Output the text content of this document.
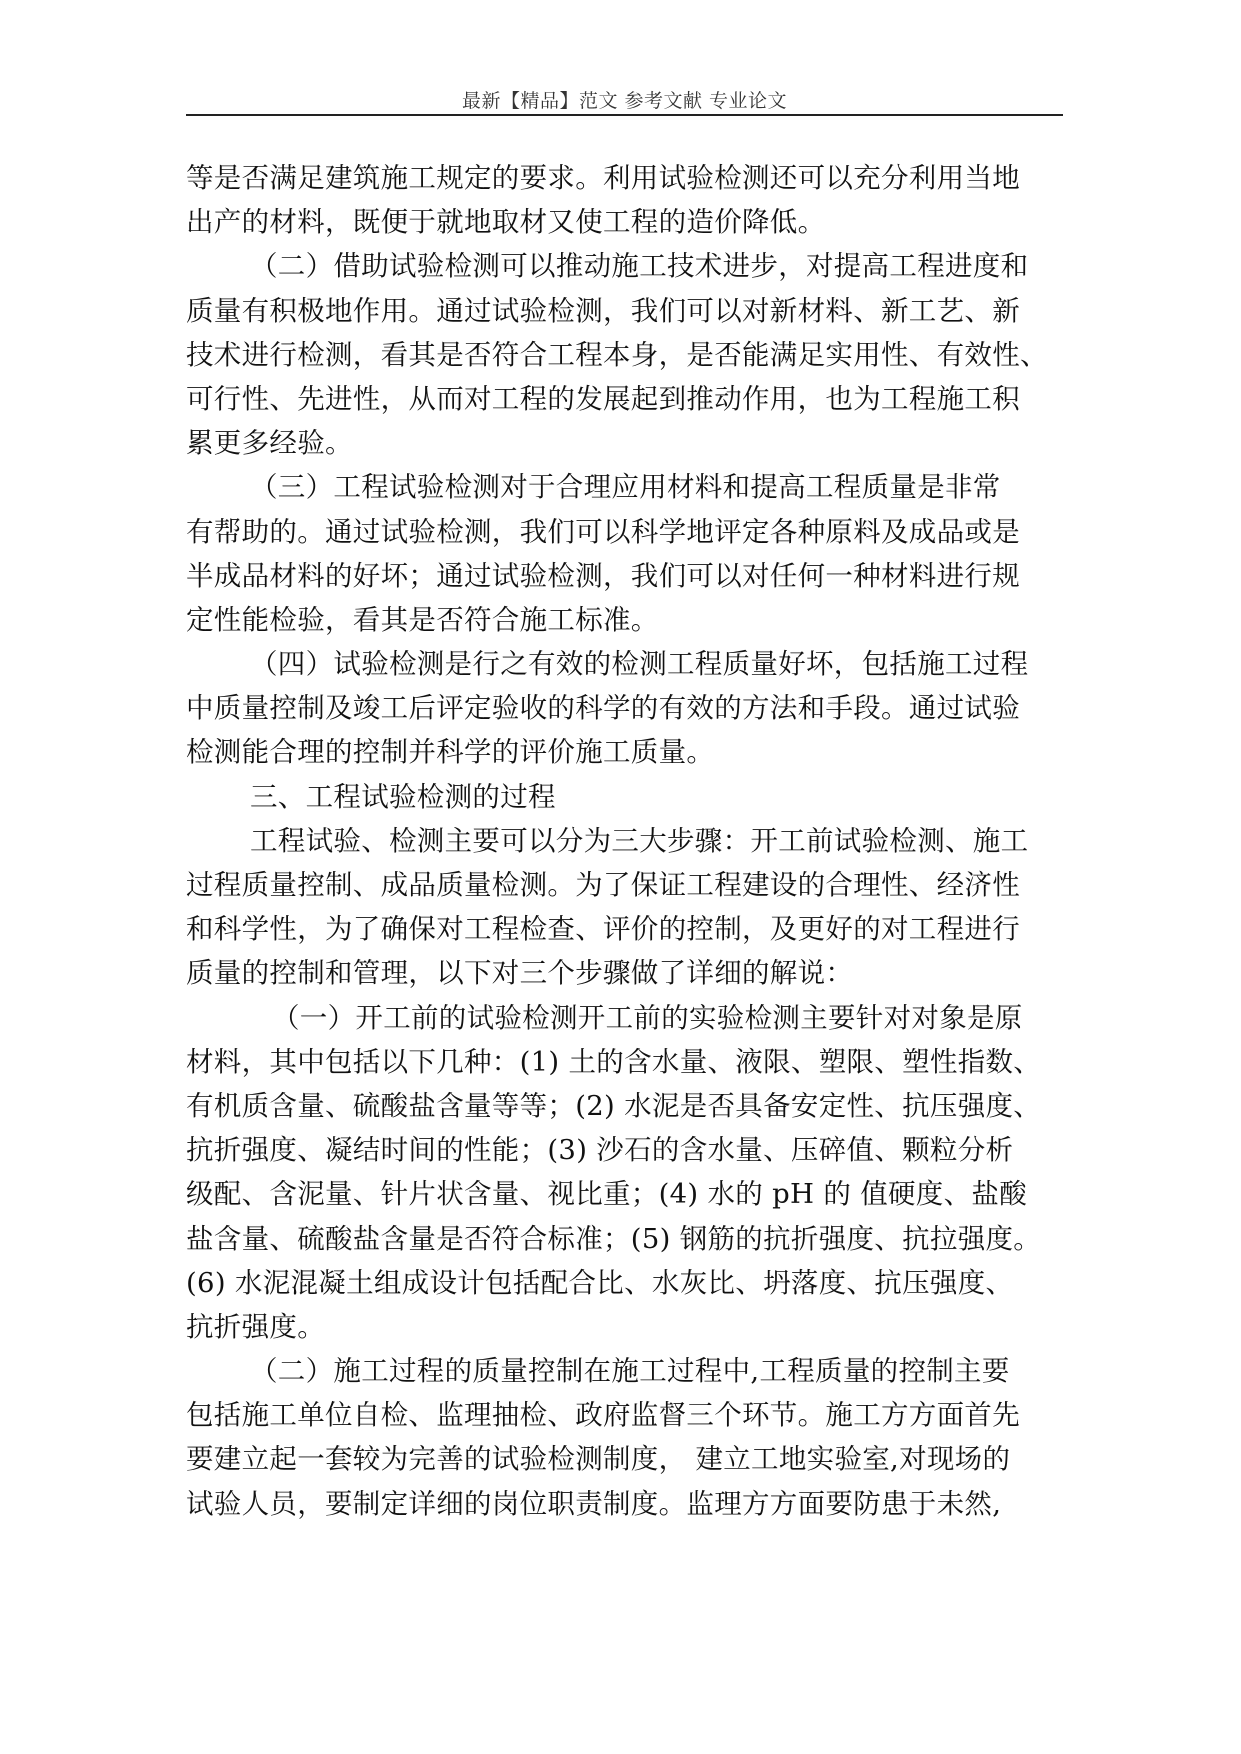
最新【精品】范文 参考文献 专业论文
等是否满足建筑施工规定的要求。利用试验检测还可以充分利用当地
出产的材料，既便于就地取材又使工程的造价降低。
（二）借助试验检测可以推动施工技术进步，对提高工程进度和
质量有积极地作用。通过试验检测，我们可以对新材料、新工艺、新
技术进行检测，看其是否符合工程本身，是否能满足实用性、有效性、
可行性、先进性，从而对工程的发展起到推动作用，也为工程施工积
累更多经验。
（三）工程试验检测对于合理应用材料和提高工程质量是非常
有帮助的。通过试验检测，我们可以科学地评定各种原料及成品或是
半成品材料的好坏；通过试验检测，我们可以对任何一种材料进行规
定性能检验，看其是否符合施工标准。
（四）试验检测是行之有效的检测工程质量好坏，包括施工过程
中质量控制及竣工后评定验收的科学的有效的方法和手段。通过试验
检测能合理的控制并科学的评价施工质量。
三、工程试验检测的过程
工程试验、检测主要可以分为三大步骤：开工前试验检测、施工
过程质量控制、成品质量检测。为了保证工程建设的合理性、经济性
和科学性，为了确保对工程检查、评价的控制，及更好的对工程进行
质量的控制和管理，以下对三个步骤做了详细的解说：
（一）开工前的试验检测开工前的实验检测主要针对对象是原
材料，其中包括以下几种：(1) 土的含水量、液限、塑限、塑性指数、
有机质含量、硫酸盐含量等等；(2) 水泥是否具备安定性、抗压强度、
抗折强度、凝结时间的性能；(3) 沙石的含水量、压碎值、颗粒分析
级配、含泥量、针片状含量、视比重；(4) 水的 pH 的 值硬度、盐酸
盐含量、硫酸盐含量是否符合标准；(5) 钢筋的抗折强度、抗拉强度。
(6) 水泥混凝土组成设计包括配合比、水灰比、坍落度、抗压强度、
抗折强度。
（二）施工过程的质量控制在施工过程中,工程质量的控制主要
包括施工单位自检、监理抽检、政府监督三个环节。施工方方面首先
要建立起一套较为完善的试验检测制度， 建立工地实验室,对现场的
试验人员，要制定详细的岗位职责制度。监理方方面要防患于未然,
